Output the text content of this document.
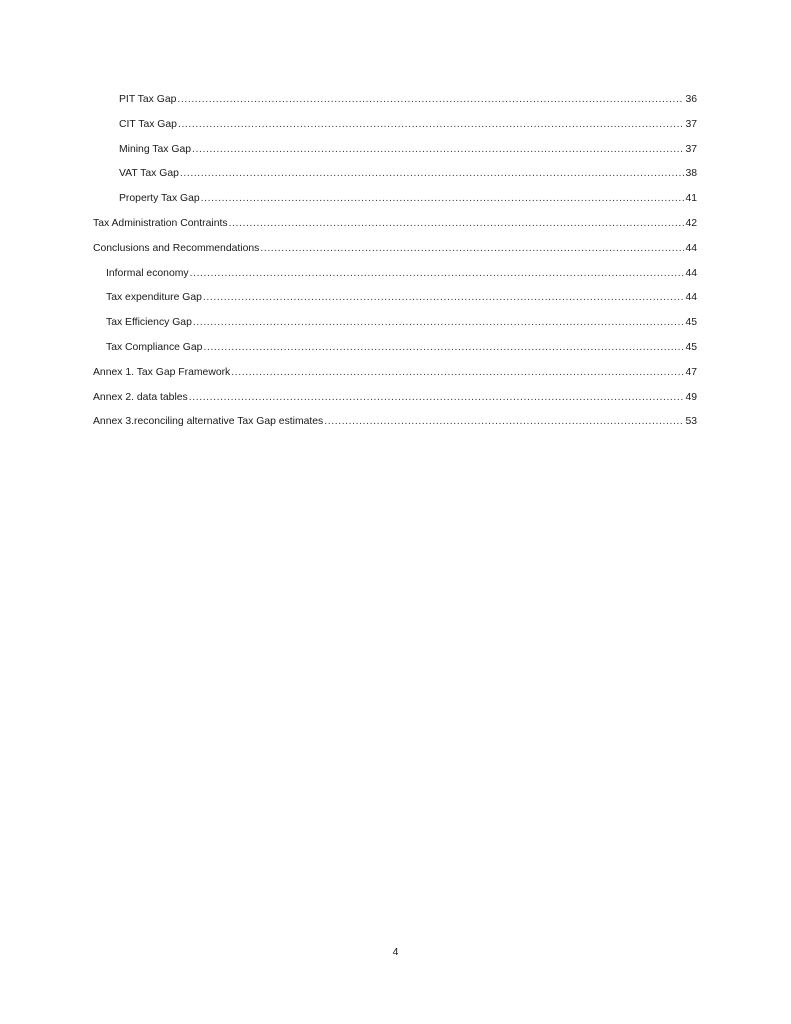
PIT Tax Gap .....	36
CIT Tax Gap .....	37
Mining Tax Gap .....	37
VAT Tax Gap .....	38
Property Tax Gap .....	41
Tax Administration Contraints .....	42
Conclusions and Recommendations .....	44
Informal economy .....	44
Tax expenditure Gap .....	44
Tax Efficiency Gap .....	45
Tax Compliance Gap .....	45
Annex 1. Tax Gap Framework .....	47
Annex 2. data tables .....	49
Annex 3.reconciling alternative Tax Gap estimates .....	53
4
